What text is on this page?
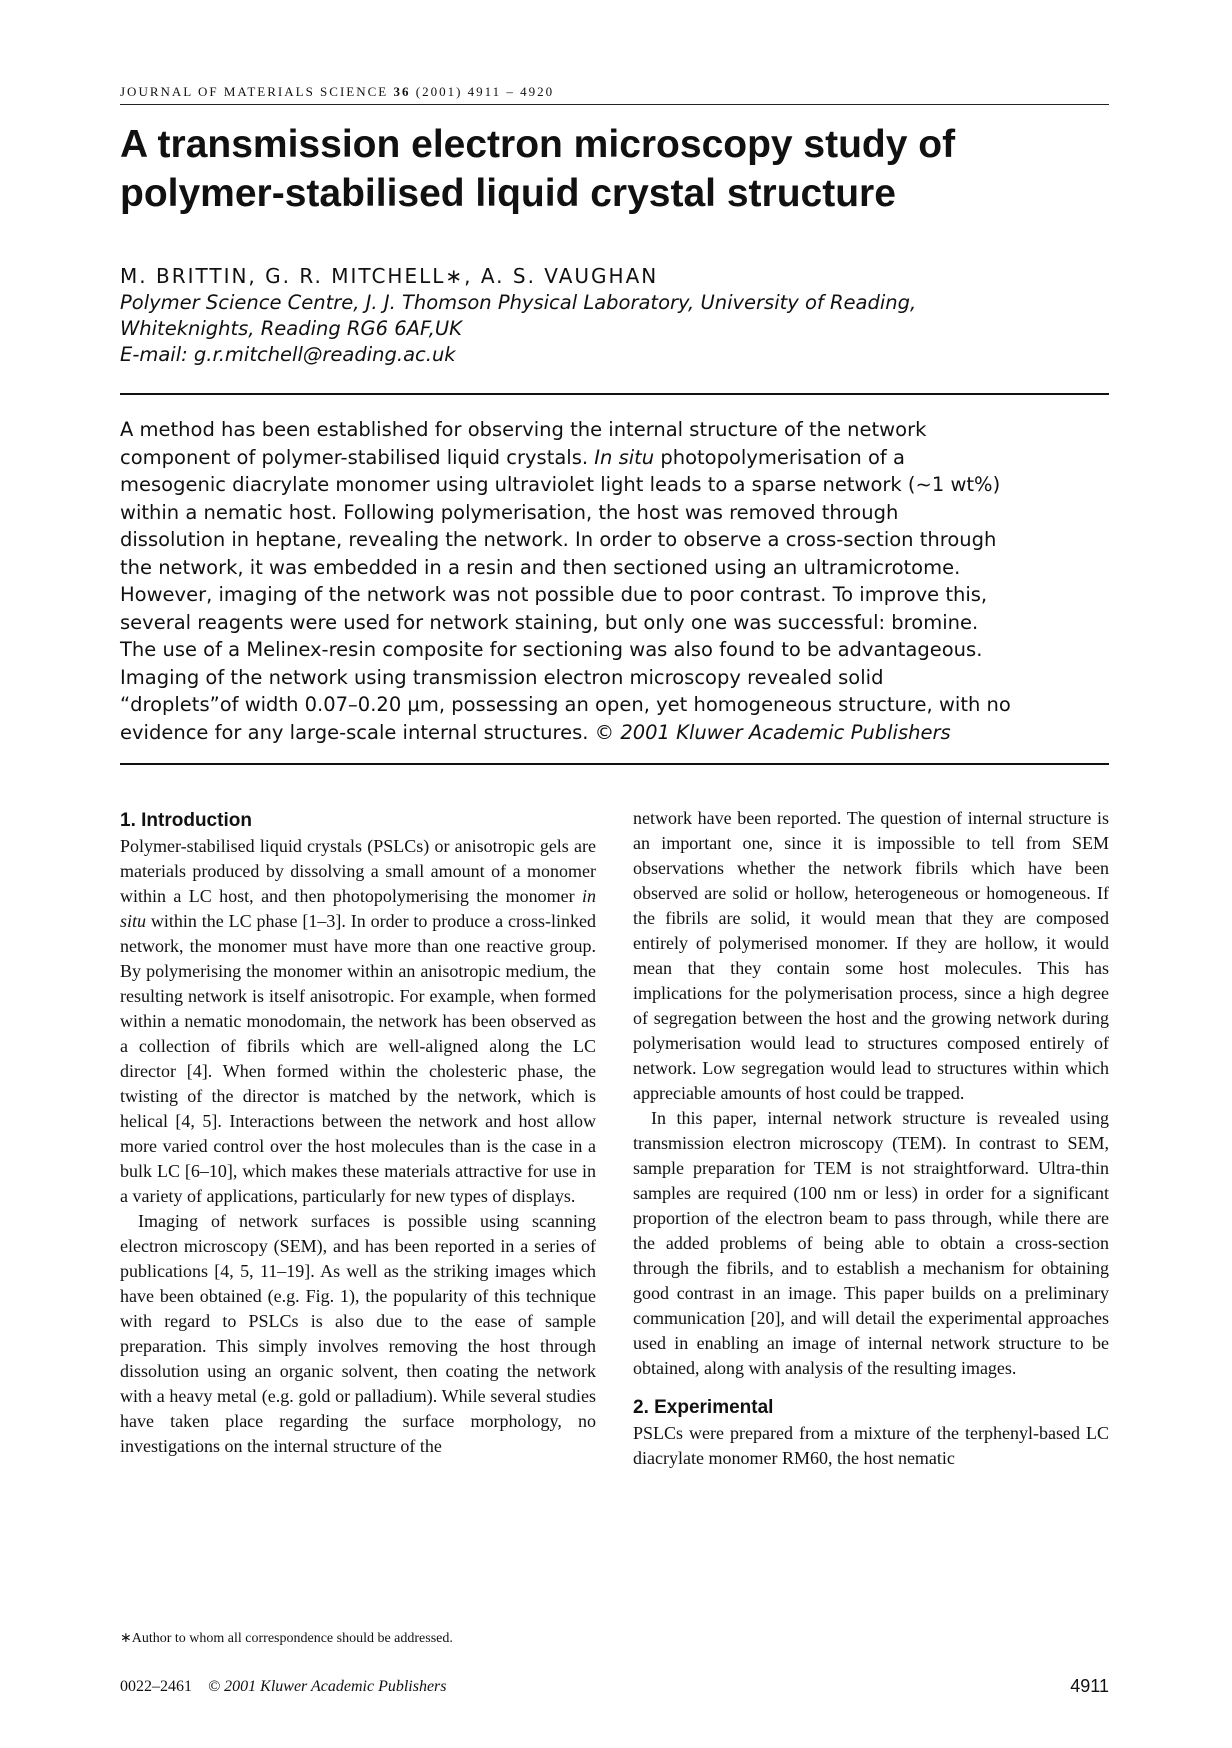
JOURNAL OF MATERIALS SCIENCE 36 (2001) 4911 – 4920
A transmission electron microscopy study of
polymer-stabilised liquid crystal structure
M. BRITTIN, G. R. MITCHELL∗, A. S. VAUGHAN
Polymer Science Centre, J. J. Thomson Physical Laboratory, University of Reading,
Whiteknights, Reading RG6 6AF,UK
E-mail: g.r.mitchell@reading.ac.uk
A method has been established for observing the internal structure of the network
component of polymer-stabilised liquid crystals. In situ photopolymerisation of a
mesogenic diacrylate monomer using ultraviolet light leads to a sparse network (∼1 wt%)
within a nematic host. Following polymerisation, the host was removed through
dissolution in heptane, revealing the network. In order to observe a cross-section through
the network, it was embedded in a resin and then sectioned using an ultramicrotome.
However, imaging of the network was not possible due to poor contrast. To improve this,
several reagents were used for network staining, but only one was successful: bromine.
The use of a Melinex-resin composite for sectioning was also found to be advantageous.
Imaging of the network using transmission electron microscopy revealed solid
“droplets”of width 0.07–0.20 μm, possessing an open, yet homogeneous structure, with no
evidence for any large-scale internal structures. © 2001 Kluwer Academic Publishers
1. Introduction

Polymer-stabilised liquid crystals (PSLCs) or anisotropic gels are materials produced by dissolving a small amount of a monomer within a LC host, and then photopolymerising the monomer in situ within the LC phase [1–3]. In order to produce a cross-linked network, the monomer must have more than one reactive group. By polymerising the monomer within an anisotropic medium, the resulting network is itself anisotropic. For example, when formed within a nematic monodomain, the network has been observed as a collection of fibrils which are well-aligned along the LC director [4]. When formed within the cholesteric phase, the twisting of the director is matched by the network, which is helical [4, 5]. Interactions between the network and host allow more varied control over the host molecules than is the case in a bulk LC [6–10], which makes these materials attractive for use in a variety of applications, particularly for new types of displays.

Imaging of network surfaces is possible using scanning electron microscopy (SEM), and has been reported in a series of publications [4, 5, 11–19]. As well as the striking images which have been obtained (e.g. Fig. 1), the popularity of this technique with regard to PSLCs is also due to the ease of sample preparation. This simply involves removing the host through dissolution using an organic solvent, then coating the network with a heavy metal (e.g. gold or palladium). While several studies have taken place regarding the surface morphology, no investigations on the internal structure of the

network have been reported. The question of internal structure is an important one, since it is impossible to tell from SEM observations whether the network fibrils which have been observed are solid or hollow, heterogeneous or homogeneous. If the fibrils are solid, it would mean that they are composed entirely of polymerised monomer. If they are hollow, it would mean that they contain some host molecules. This has implications for the polymerisation process, since a high degree of segregation between the host and the growing network during polymerisation would lead to structures composed entirely of network. Low segregation would lead to structures within which appreciable amounts of host could be trapped.

In this paper, internal network structure is revealed using transmission electron microscopy (TEM). In contrast to SEM, sample preparation for TEM is not straightforward. Ultra-thin samples are required (100 nm or less) in order for a significant proportion of the electron beam to pass through, while there are the added problems of being able to obtain a cross-section through the fibrils, and to establish a mechanism for obtaining good contrast in an image. This paper builds on a preliminary communication [20], and will detail the experimental approaches used in enabling an image of internal network structure to be obtained, along with analysis of the resulting images.

2. Experimental

PSLCs were prepared from a mixture of the terphenyl-based LC diacrylate monomer RM60, the host nematic

∗Author to whom all correspondence should be addressed.
0022–2461 © 2001 Kluwer Academic Publishers	4911
